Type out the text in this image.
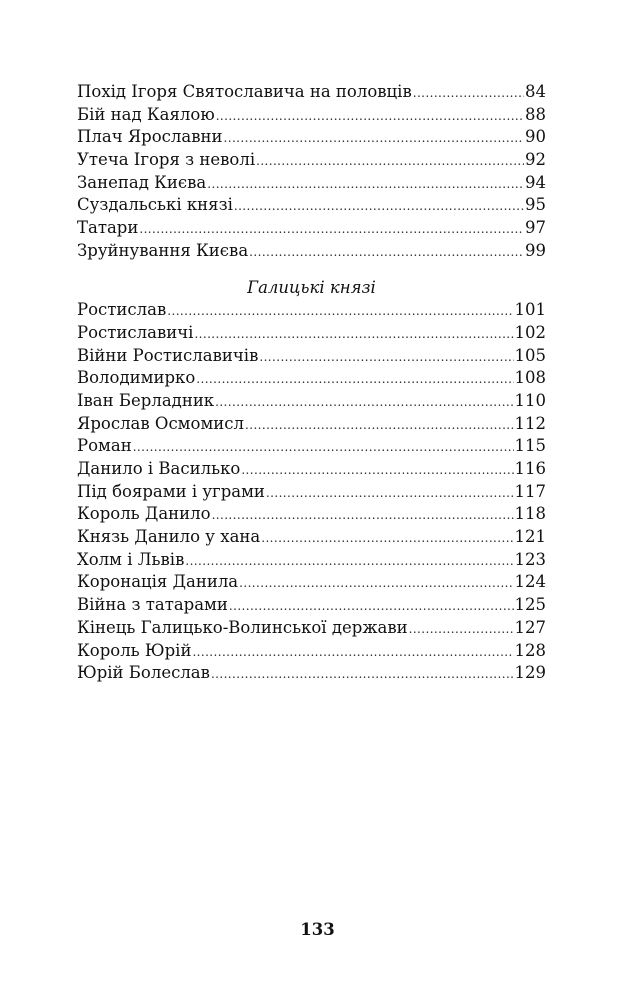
Похід Ігоря Святославича на половців .....	84
Бій над Каялою .....	88
Плач Ярославни .....	90
Утеча Ігоря з неволі .....	92
Занепад Києва .....	94
Суздальські князі .....	95
Татари .....	97
Зруйнування Києва .....	99
Галицькі князі
Ростислав .....	101
Ростиславичі .....	102
Війни Ростиславичів .....	105
Володимирко .....	108
Іван Берладник .....	110
Ярослав Осмомисл .....	112
Роман .....	115
Данило і Василько .....	116
Під боярами і уграми .....	117
Король Данило .....	118
Князь Данило у хана .....	121
Холм і Львів .....	123
Коронація Данила .....	124
Війна з татарами .....	125
Кінець Галицько-Волинської держави .....	127
Король Юрій .....	128
Юрій Болеслав .....	129
133
